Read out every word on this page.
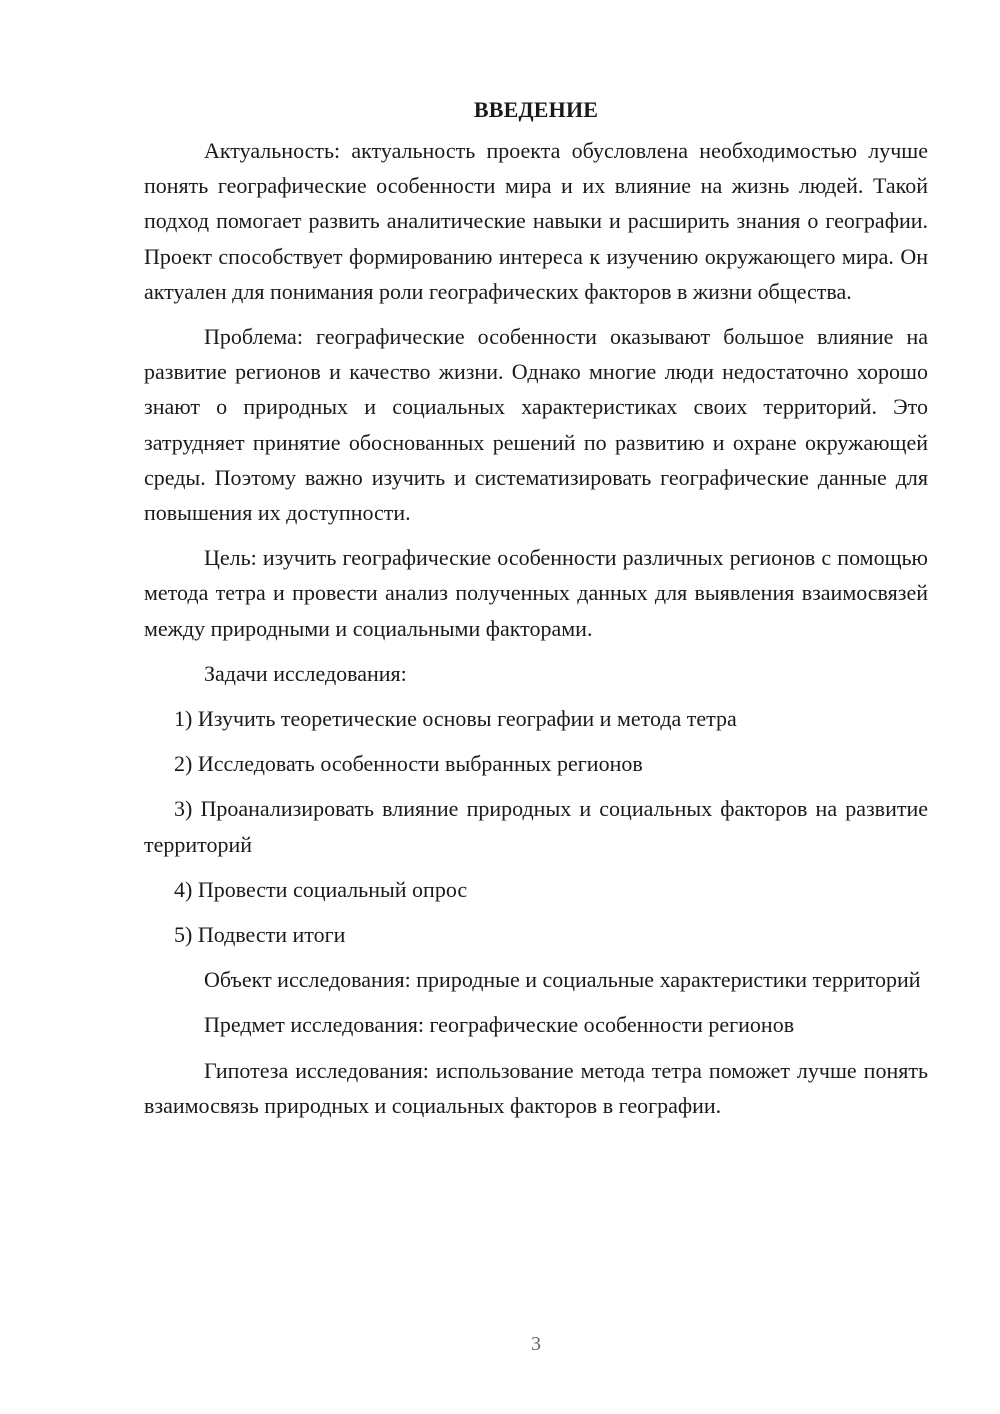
ВВЕДЕНИЕ

Актуальность: актуальность проекта обусловлена необходимостью лучше понять географические особенности мира и их влияние на жизнь людей. Такой подход помогает развить аналитические навыки и расширить знания о географии. Проект способствует формированию интереса к изучению окружающего мира. Он актуален для понимания роли географических факторов в жизни общества.

Проблема: географические особенности оказывают большое влияние на развитие регионов и качество жизни. Однако многие люди недостаточно хорошо знают о природных и социальных характеристиках своих территорий. Это затрудняет принятие обоснованных решений по развитию и охране окружающей среды. Поэтому важно изучить и систематизировать географические данные для повышения их доступности.

Цель: изучить географические особенности различных регионов с помощью метода тетра и провести анализ полученных данных для выявления взаимосвязей между природными и социальными факторами.

Задачи исследования:

1) Изучить теоретические основы географии и метода тетра

2) Исследовать особенности выбранных регионов

3) Проанализировать влияние природных и социальных факторов на развитие территорий

4) Провести социальный опрос

5) Подвести итоги

Объект исследования: природные и социальные характеристики территорий

Предмет исследования: географические особенности регионов

Гипотеза исследования: использование метода тетра поможет лучше понять взаимосвязь природных и социальных факторов в географии.

3
